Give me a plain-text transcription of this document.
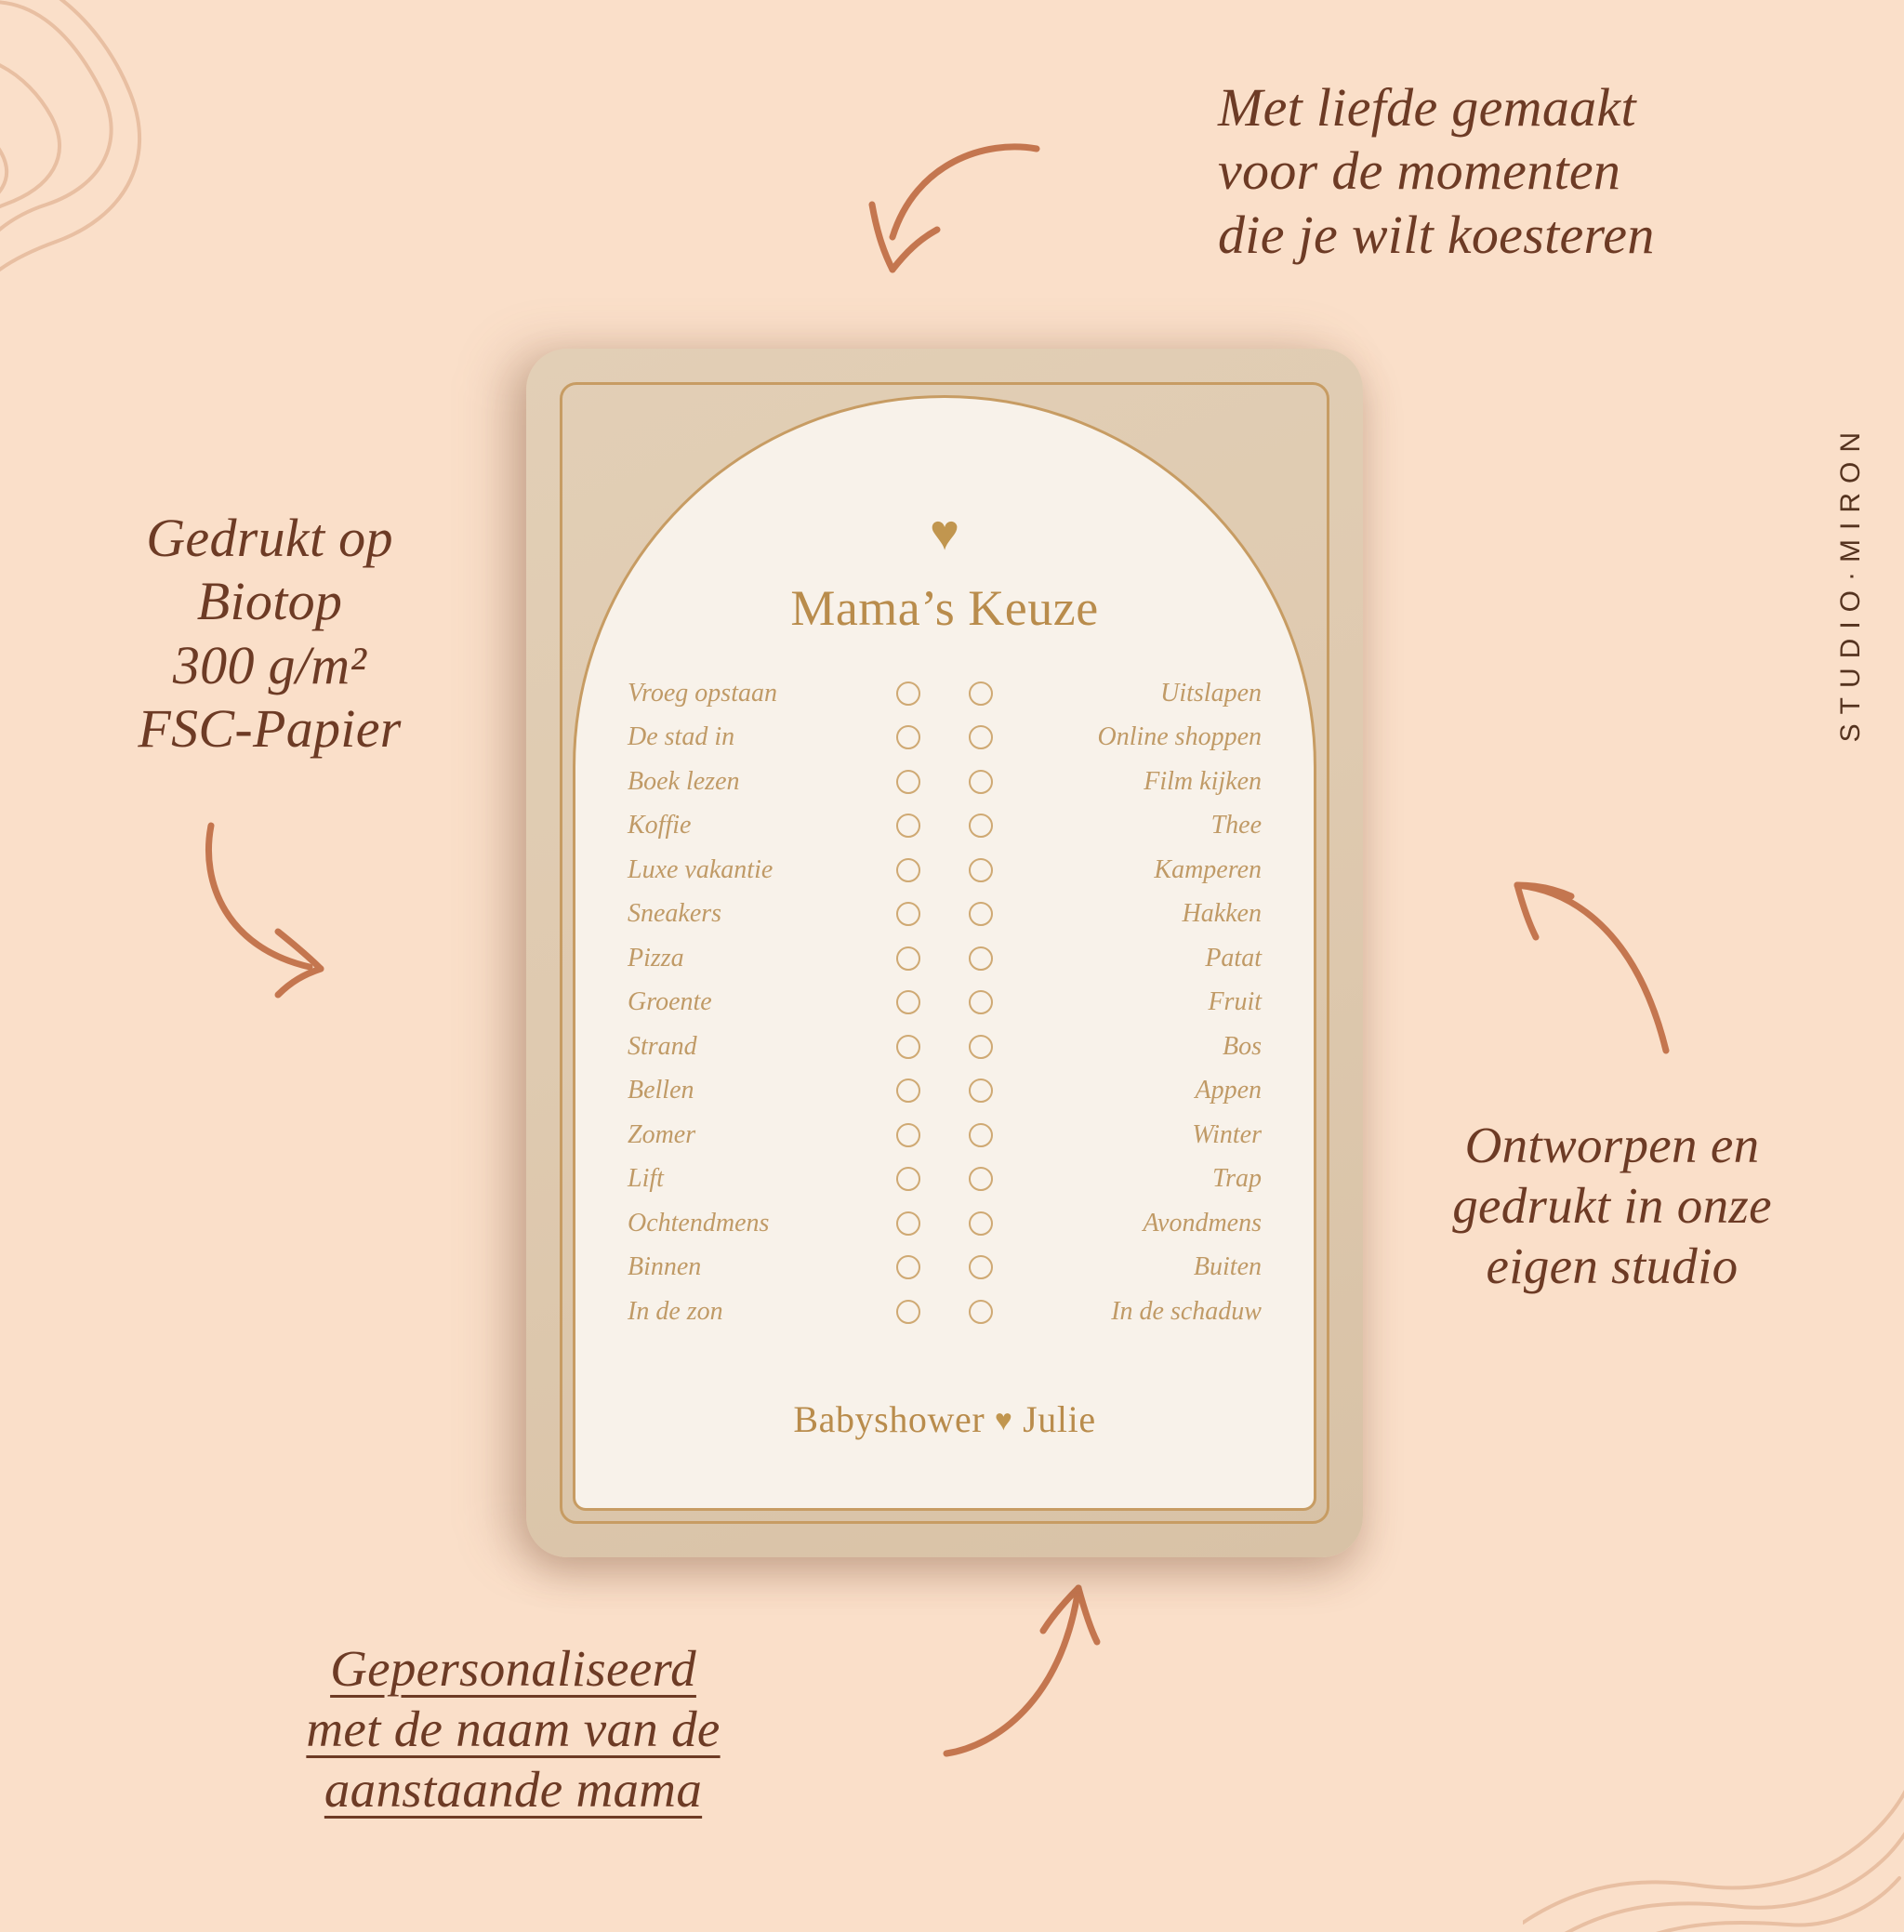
Met liefde gemaakt
voor de momenten
die je wilt koesteren
Gedrukt op
Biotop
300 g/m²
FSC-Papier
Ontworpen en
gedrukt in onze
eigen studio
Gepersonaliseerd
met de naam van de
aanstaande mama
STUDIO·MIRON
♥
Mama’s Keuze
Vroeg opstaan	Uitslapen
De stad in	Online shoppen
Boek lezen	Film kijken
Koffie	Thee
Luxe vakantie	Kamperen
Sneakers	Hakken
Pizza	Patat
Groente	Fruit
Strand	Bos
Bellen	Appen
Zomer	Winter
Lift	Trap
Ochtendmens	Avondmens
Binnen	Buiten
In de zon	In de schaduw
Babyshower ♥ Julie
